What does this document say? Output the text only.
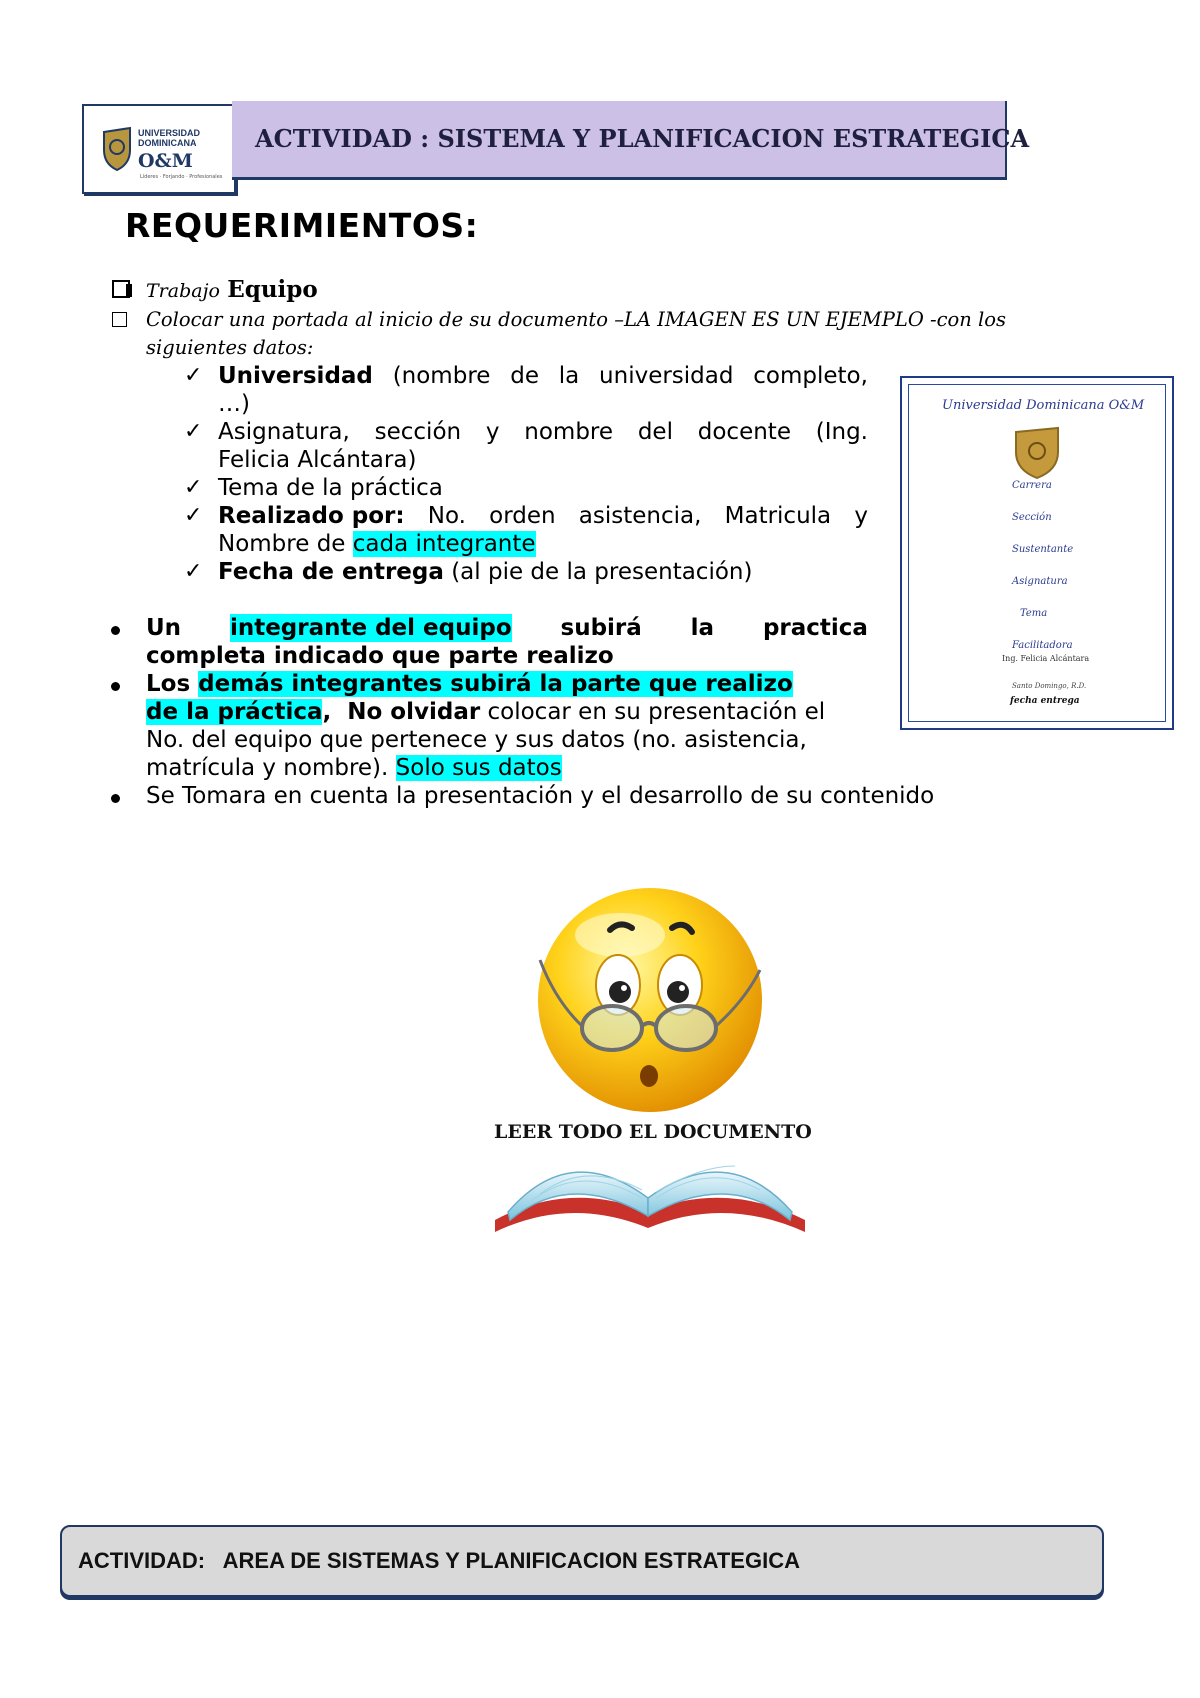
UNIVERSIDAD
DOMINICANA
O&M
Líderes · Forjando · Profesionales
ACTIVIDAD : SISTEMA Y PLANIFICACION ESTRATEGICA
REQUERIMIENTOS:
Trabajo Equipo
Colocar una portada al inicio de su documento –LA IMAGEN ES UN EJEMPLO -con los
siguientes datos:
✓ Universidad (nombre de la universidad completo,
…)
✓ Asignatura, sección y nombre del docente (Ing.
Felicia Alcántara)
✓ Tema de la práctica
✓ Realizado por: No. orden asistencia, Matricula y
Nombre de cada integrante
✓ Fecha de entrega (al pie de la presentación)
Un integrante del equipo subirá la practica
completa indicado que parte realizo
Los demás integrantes subirá la parte que realizo
de la práctica,  No olvidar colocar en su presentación el
No. del equipo que pertenece y sus datos (no. asistencia,
matrícula y nombre). Solo sus datos
Se Tomara en cuenta la presentación y el desarrollo de su contenido
Universidad Dominicana O&M
Carrera
Sección
Sustentante
Asignatura
Tema
Facilitadora
Ing. Felicia Alcántara
Santo Domingo, R.D.
fecha entrega
LEER TODO EL DOCUMENTO
ACTIVIDAD:   AREA DE SISTEMAS Y PLANIFICACION ESTRATEGICA
